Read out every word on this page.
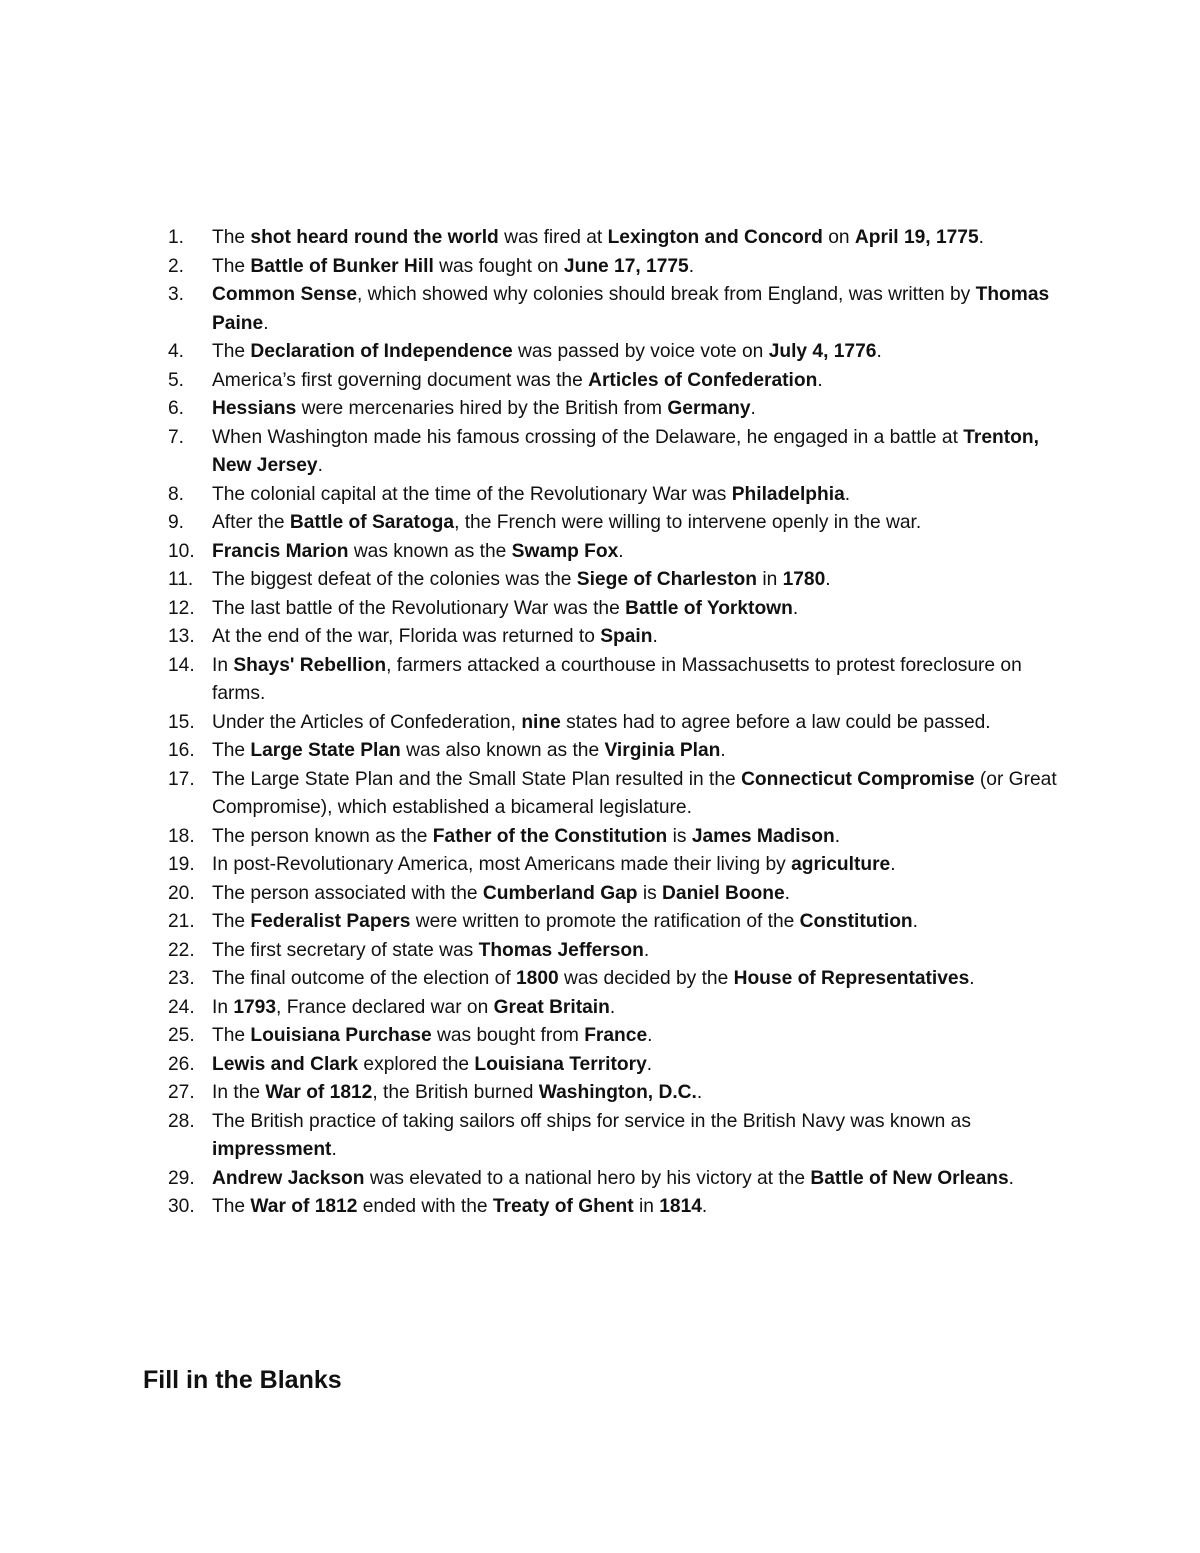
1.	The shot heard round the world was fired at Lexington and Concord on April 19, 1775.
2.	The Battle of Bunker Hill was fought on June 17, 1775.
3.	Common Sense, which showed why colonies should break from England, was written by Thomas Paine.
4.	The Declaration of Independence was passed by voice vote on July 4, 1776.
5.	America’s first governing document was the Articles of Confederation.
6.	Hessians were mercenaries hired by the British from Germany.
7.	When Washington made his famous crossing of the Delaware, he engaged in a battle at Trenton, New Jersey.
8.	The colonial capital at the time of the Revolutionary War was Philadelphia.
9.	After the Battle of Saratoga, the French were willing to intervene openly in the war.
10. Francis Marion was known as the Swamp Fox.
11. The biggest defeat of the colonies was the Siege of Charleston in 1780.
12. The last battle of the Revolutionary War was the Battle of Yorktown.
13. At the end of the war, Florida was returned to Spain.
14. In Shays' Rebellion, farmers attacked a courthouse in Massachusetts to protest foreclosure on farms.
15. Under the Articles of Confederation, nine states had to agree before a law could be passed.
16. The Large State Plan was also known as the Virginia Plan.
17. The Large State Plan and the Small State Plan resulted in the Connecticut Compromise (or Great Compromise), which established a bicameral legislature.
18. The person known as the Father of the Constitution is James Madison.
19. In post-Revolutionary America, most Americans made their living by agriculture.
20. The person associated with the Cumberland Gap is Daniel Boone.
21. The Federalist Papers were written to promote the ratification of the Constitution.
22. The first secretary of state was Thomas Jefferson.
23. The final outcome of the election of 1800 was decided by the House of Representatives.
24. In 1793, France declared war on Great Britain.
25. The Louisiana Purchase was bought from France.
26. Lewis and Clark explored the Louisiana Territory.
27. In the War of 1812, the British burned Washington, D.C..
28. The British practice of taking sailors off ships for service in the British Navy was known as impressment.
29. Andrew Jackson was elevated to a national hero by his victory at the Battle of New Orleans.
30. The War of 1812 ended with the Treaty of Ghent in 1814.
Fill in the Blanks
